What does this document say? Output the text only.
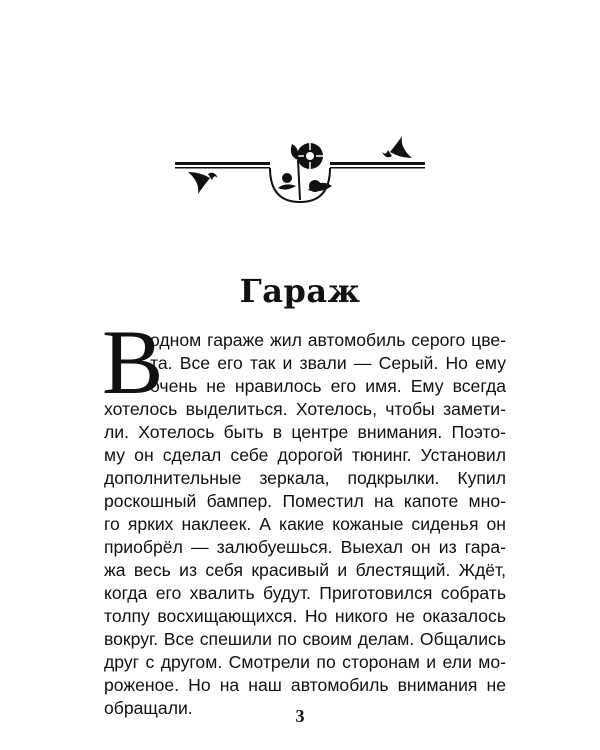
Гараж
В
одном гараже жил автомобиль серого цве-
та. Все его так и звали — Серый. Но ему
очень не нравилось его имя. Ему всегда
хотелось выделиться. Хотелось, чтобы замети-
ли. Хотелось быть в центре внимания. Поэто-
му он сделал себе дорогой тюнинг. Установил
дополнительные зеркала, подкрылки. Купил
роскошный бампер. Поместил на капоте мно-
го ярких наклеек. А какие кожаные сиденья он
приобрёл — залюбуешься. Выехал он из гара-
жа весь из себя красивый и блестящий. Ждёт,
когда его хвалить будут. Приготовился собрать
толпу восхищающихся. Но никого не оказалось
вокруг. Все спешили по своим делам. Общались
друг с другом. Смотрели по сторонам и ели мо-
роженое. Но на наш автомобиль внимания не
обращали.	3
